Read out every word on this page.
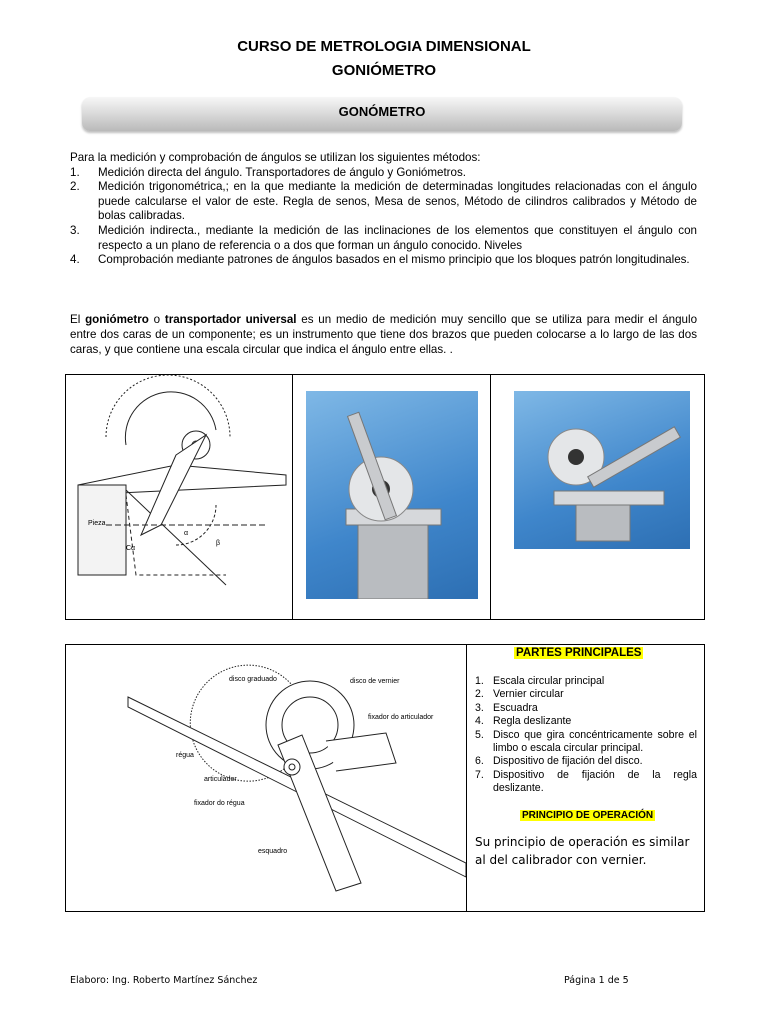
CURSO DE METROLOGIA DIMENSIONAL
GONIÓMETRO
GONÓMETRO
Para la medición y comprobación de ángulos se utilizan los siguientes métodos:
1. Medición directa del ángulo. Transportadores de ángulo y Goniómetros.
2. Medición trigonométrica,; en la que mediante la medición de determinadas longitudes relacionadas con el ángulo puede calcularse el valor de este. Regla de senos, Mesa de senos, Método de cilindros calibrados y Método de bolas calibradas.
3. Medición indirecta., mediante la medición de las inclinaciones de los elementos que constituyen el ángulo con respecto a un plano de referencia o a dos que forman un ángulo conocido. Niveles
4. Comprobación mediante patrones de ángulos basados en el mismo principio que los bloques patrón longitudinales.
El goniómetro o transportador universal es un medio de medición muy sencillo que se utiliza para medir el ángulo entre dos caras de un componente; es un instrumento que tiene dos brazos que pueden colocarse a lo largo de las dos caras, y que contiene una escala circular que indica el ángulo entre ellas. .
Pieza
Cα
α
β
disco graduado	disco de vernier
fixador do articulador
régua
articulador
fixador do régua
esquadro
PARTES PRINCIPALES
1. Escala circular principal
2. Vernier circular
3. Escuadra
4. Regla deslizante
5. Disco que gira concéntricamente sobre el limbo o escala circular principal.
6. Dispositivo de fijación del disco.
7. Dispositivo de fijación de la regla deslizante.
PRINCIPIO DE OPERACIÓN
Su principio de operación es similar al del calibrador con vernier.
Elaboro: Ing. Roberto Martínez Sánchez	Página 1 de 5
